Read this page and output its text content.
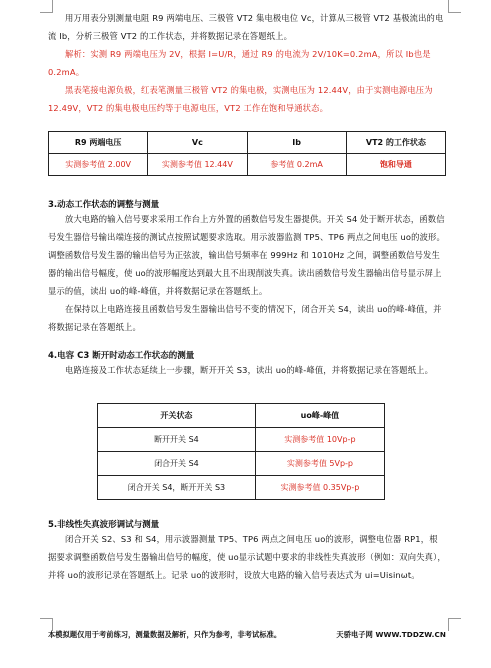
用万用表分别测量电阻 R9 两端电压、三极管 VT2 集电极电位 Vc，计算从三极管 VT2 基极流出的电流 Ib，分析三极管 VT2 的工作状态，并将数据记录在答题纸上。
解析：实测 R9 两端电压为 2V，根据 I=U/R，通过 R9 的电流为 2V/10K=0.2mA，所以 Ib也是 0.2mA。
黑表笔接电源负极，红表笔测量三极管 VT2 的集电极，实测电压为 12.44V，由于实测电源电压为 12.49V，VT2 的集电极电压约等于电源电压，VT2 工作在饱和导通状态。
R9 两端电压	Vc	Ib	VT2 的工作状态
实测参考值 2.00V	实测参考值 12.44V	参考值 0.2mA	饱和导通
3.动态工作状态的调整与测量
放大电路的输入信号要求采用工作台上方外置的函数信号发生器提供。开关 S4 处于断开状态，函数信号发生器信号输出端连接的测试点按照试题要求选取。用示波器监测 TP5、TP6 两点之间电压 uo的波形。调整函数信号发生器的输出信号为正弦波，输出信号频率在 999Hz 和 1010Hz 之间，调整函数信号发生器的输出信号幅度，使 uo的波形幅度达到最大且不出现削波失真。读出函数信号发生器输出信号显示屏上显示的值，读出 uo的峰-峰值，并将数据记录在答题纸上。
在保持以上电路连接且函数信号发生器输出信号不变的情况下，闭合开关 S4，读出 uo的峰-峰值，并将数据记录在答题纸上。
4.电容 C3 断开时动态工作状态的测量
电路连接及工作状态延续上一步骤，断开开关 S3，读出 uo的峰-峰值，并将数据记录在答题纸上。
开关状态	uo峰-峰值
断开开关 S4	实测参考值 10Vp-p
闭合开关 S4	实测参考值 5Vp-p
闭合开关 S4，断开开关 S3	实测参考值 0.35Vp-p
5.非线性失真波形调试与测量
闭合开关 S2、S3 和 S4，用示波器测量 TP5、TP6 两点之间电压 uo的波形，调整电位器 RP1，根据要求调整函数信号发生器输出信号的幅度，使 uo显示试题中要求的非线性失真波形（例如：双向失真），并将 uo的波形记录在答题纸上。记录 uo的波形时，设放大电路的输入信号表达式为 ui=Uisinωt。
本模拟题仅用于考前练习，测量数据及解析，只作为参考，非考试标准。	天骄电子网 WWW.TDDZW.CN
